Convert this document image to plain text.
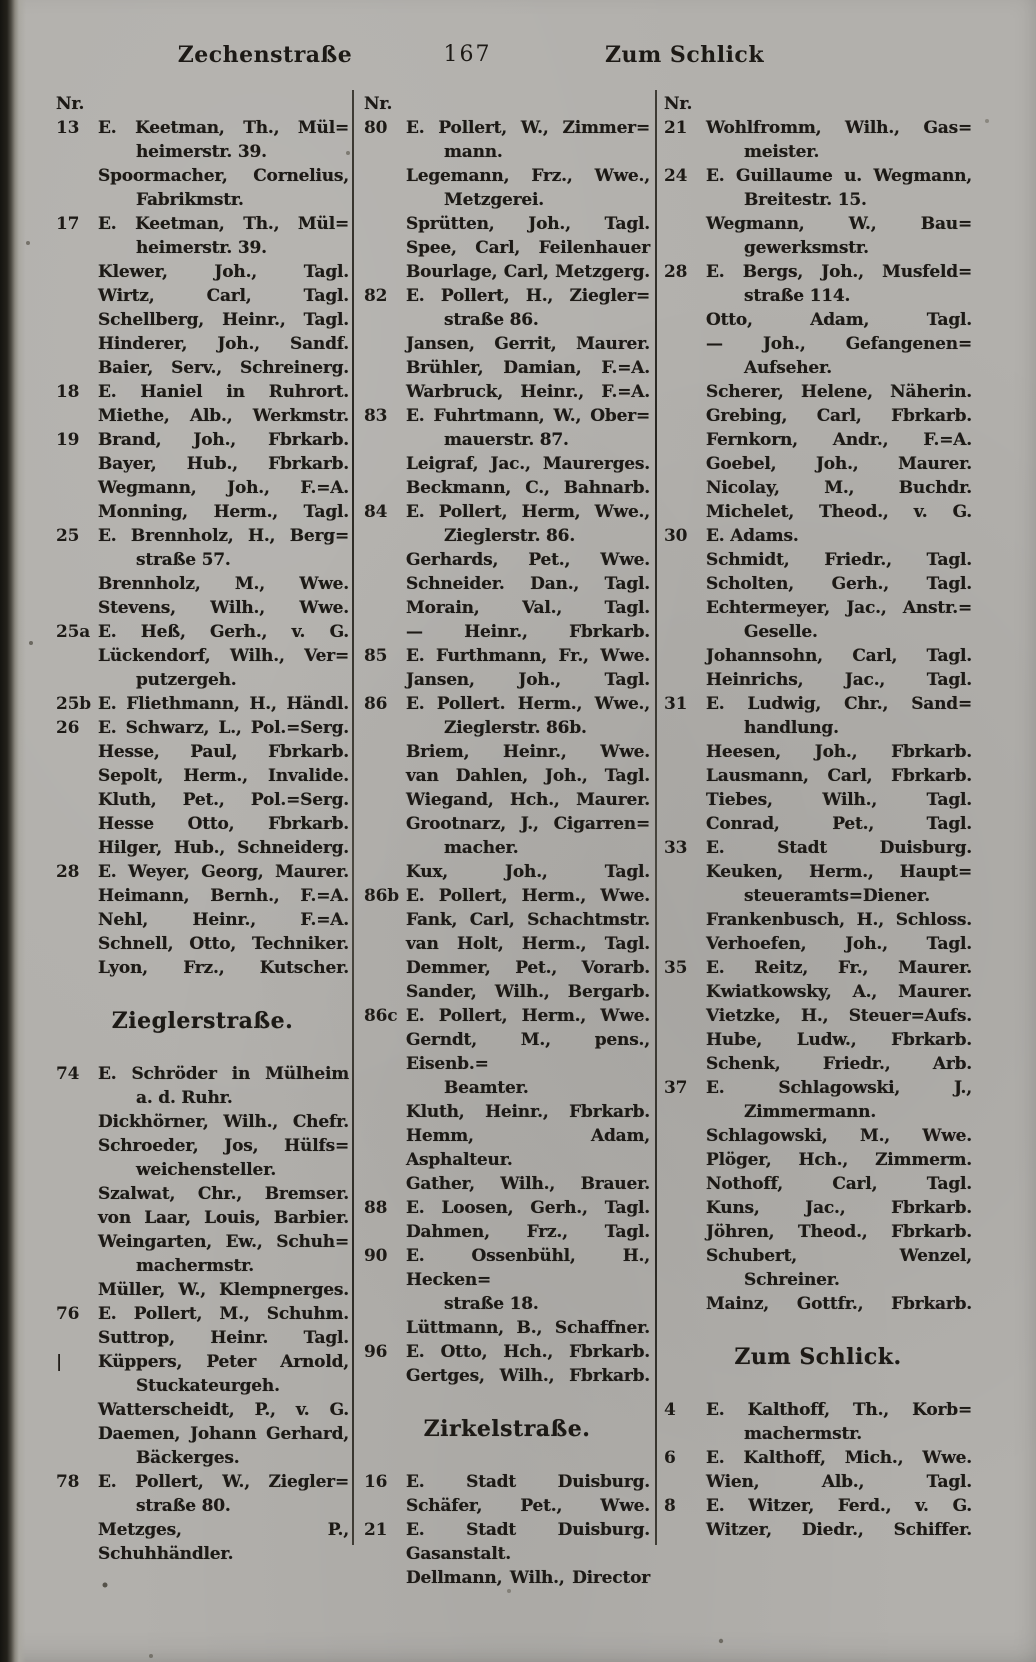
Zechenstraße	167	Zum Schlick
Nr.
13	E. Keetman, Th., Mül=
heimerstr. 39.
Spoormacher, Cornelius,
Fabrikmstr.
17	E. Keetman, Th., Mül=
heimerstr. 39.
Klewer, Joh., Tagl.
Wirtz, Carl, Tagl.
Schellberg, Heinr., Tagl.
Hinderer, Joh., Sandf.
Baier, Serv., Schreinerg.
18	E. Haniel in Ruhrort.
Miethe, Alb., Werkmstr.
19	Brand, Joh., Fbrkarb.
Bayer, Hub., Fbrkarb.
Wegmann, Joh., F.=A.
Monning, Herm., Tagl.
25	E. Brennholz, H., Berg=
straße 57.
Brennholz, M., Wwe.
Stevens, Wilh., Wwe.
25a E. Heß, Gerh., v. G.
Lückendorf, Wilh., Ver=
putzergeh.
25b E. Fliethmann, H., Händl.
26	E. Schwarz, L., Pol.=Serg.
Hesse, Paul, Fbrkarb.
Sepolt, Herm., Invalide.
Kluth, Pet., Pol.=Serg.
Hesse Otto, Fbrkarb.
Hilger, Hub., Schneiderg.
28	E. Weyer, Georg, Maurer.
Heimann, Bernh., F.=A.
Nehl, Heinr., F.=A.
Schnell, Otto, Techniker.
Lyon, Frz., Kutscher.
Zieglerstraße.
74	E. Schröder in Mülheim
a. d. Ruhr.
Dickhörner, Wilh., Chefr.
Schroeder, Jos, Hülfs=
weichensteller.
Szalwat, Chr., Bremser.
von Laar, Louis, Barbier.
Weingarten, Ew., Schuh=
machermstr.
Müller, W., Klempnerges.
76	E. Pollert, M., Schuhm.
Suttrop, Heinr. Tagl.
|	Küppers, Peter Arnold,
Stuckateurgeh.
Watterscheidt, P., v. G.
Daemen, Johann Gerhard,
Bäckerges.
78	E. Pollert, W., Ziegler=
straße 80.
Metzges, P., Schuhhändler.
Nr.
80	E. Pollert, W., Zimmer=
mann.
Legemann, Frz., Wwe.,
Metzgerei.
Sprütten, Joh., Tagl.
Spee, Carl, Feilenhauer
Bourlage, Carl, Metzgerg.
82	E. Pollert, H., Ziegler=
straße 86.
Jansen, Gerrit, Maurer.
Brühler, Damian, F.=A.
Warbruck, Heinr., F.=A.
83	E. Fuhrtmann, W., Ober=
mauerstr. 87.
Leigraf, Jac., Maurerges.
Beckmann, C., Bahnarb.
84	E. Pollert, Herm, Wwe.,
Zieglerstr. 86.
Gerhards, Pet., Wwe.
Schneider. Dan., Tagl.
Morain, Val., Tagl.
— Heinr., Fbrkarb.
85	E. Furthmann, Fr., Wwe.
Jansen, Joh., Tagl.
86	E. Pollert. Herm., Wwe.,
Zieglerstr. 86b.
Briem, Heinr., Wwe.
van Dahlen, Joh., Tagl.
Wiegand, Hch., Maurer.
Grootnarz, J., Cigarren=
macher.
Kux, Joh., Tagl.
86b E. Pollert, Herm., Wwe.
Fank, Carl, Schachtmstr.
van Holt, Herm., Tagl.
Demmer, Pet., Vorarb.
Sander, Wilh., Bergarb.
86c E. Pollert, Herm., Wwe.
Gerndt, M., pens., Eisenb.=
Beamter.
Kluth, Heinr., Fbrkarb.
Hemm, Adam, Asphalteur.
Gather, Wilh., Brauer.
88	E. Loosen, Gerh., Tagl.
Dahmen, Frz., Tagl.
90	E. Ossenbühl, H., Hecken=
straße 18.
Lüttmann, B., Schaffner.
96	E. Otto, Hch., Fbrkarb.
Gertges, Wilh., Fbrkarb.
Zirkelstraße.
16	E. Stadt Duisburg.
Schäfer, Pet., Wwe.
21	E. Stadt Duisburg.
Gasanstalt.
Dellmann, Wilh., Director
Nr.
21	Wohlfromm, Wilh., Gas=
meister.
24	E. Guillaume u. Wegmann,
Breitestr. 15.
Wegmann, W., Bau=
gewerksmstr.
28	E. Bergs, Joh., Musfeld=
straße 114.
Otto, Adam, Tagl.
— Joh., Gefangenen=
Aufseher.
Scherer, Helene, Näherin.
Grebing, Carl, Fbrkarb.
Fernkorn, Andr., F.=A.
Goebel, Joh., Maurer.
Nicolay, M., Buchdr.
Michelet, Theod., v. G.
30	E. Adams.
Schmidt, Friedr., Tagl.
Scholten, Gerh., Tagl.
Echtermeyer, Jac., Anstr.=
Geselle.
Johannsohn, Carl, Tagl.
Heinrichs, Jac., Tagl.
31	E. Ludwig, Chr., Sand=
handlung.
Heesen, Joh., Fbrkarb.
Lausmann, Carl, Fbrkarb.
Tiebes, Wilh., Tagl.
Conrad, Pet., Tagl.
33	E. Stadt Duisburg.
Keuken, Herm., Haupt=
steueramts=Diener.
Frankenbusch, H., Schloss.
Verhoefen, Joh., Tagl.
35	E. Reitz, Fr., Maurer.
Kwiatkowsky, A., Maurer.
Vietzke, H., Steuer=Aufs.
Hube, Ludw., Fbrkarb.
Schenk, Friedr., Arb.
37	E. Schlagowski, J.,
Zimmermann.
Schlagowski, M., Wwe.
Plöger, Hch., Zimmerm.
Nothoff, Carl, Tagl.
Kuns, Jac., Fbrkarb.
Jöhren, Theod., Fbrkarb.
Schubert, Wenzel,
Schreiner.
Mainz, Gottfr., Fbrkarb.
Zum Schlick.
4	E. Kalthoff, Th., Korb=
machermstr.
6	E. Kalthoff, Mich., Wwe.
Wien, Alb., Tagl.
8	E. Witzer, Ferd., v. G.
Witzer, Diedr., Schiffer.
